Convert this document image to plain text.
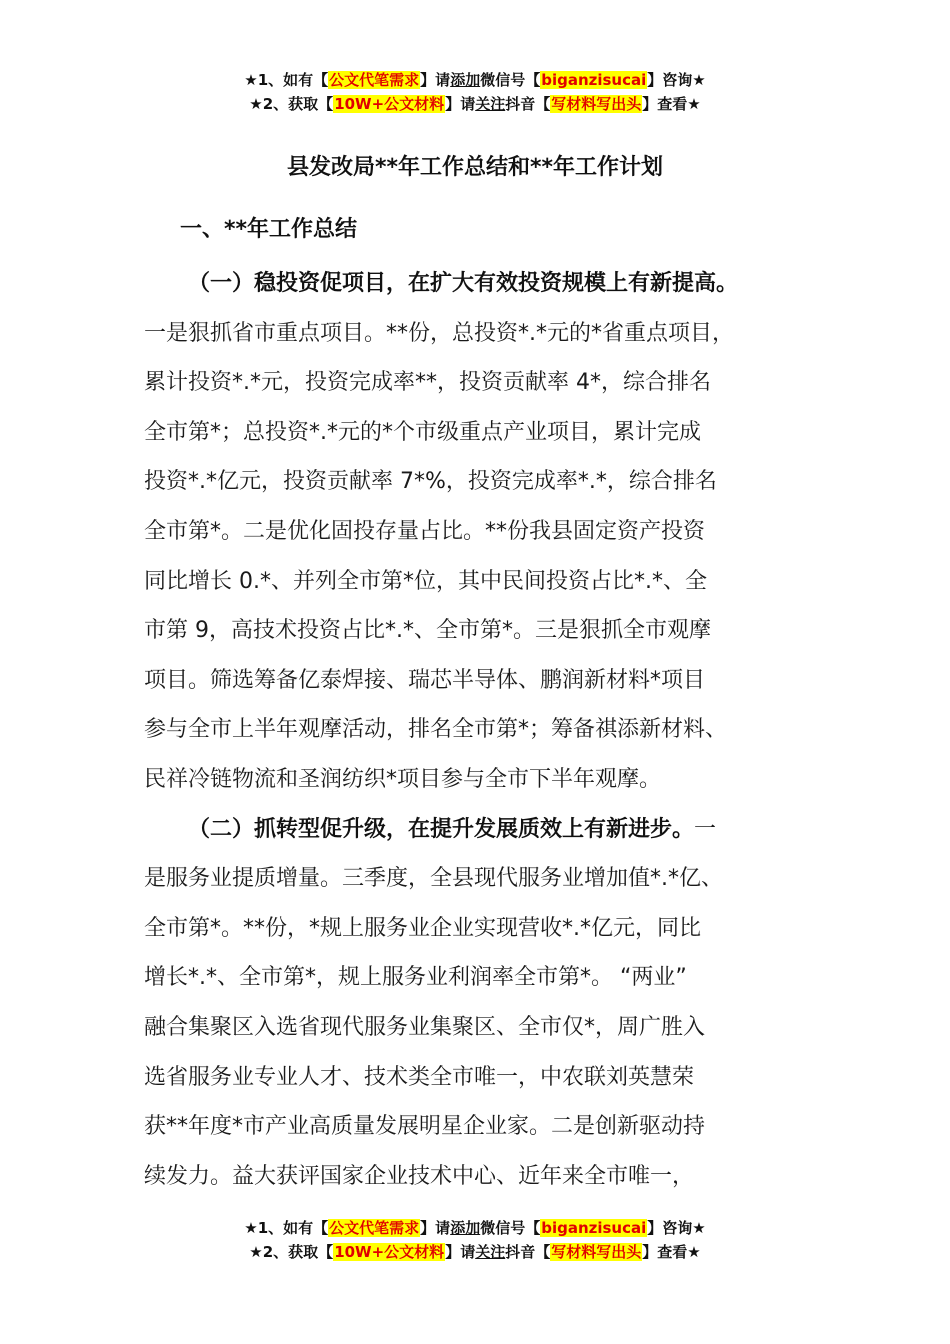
★1、如有【公文代笔需求】请添加微信号【biganzisucai】咨询★
★2、获取【10W+公文材料】请关注抖音【写材料写出头】查看★
县发改局**年工作总结和**年工作计划
一、**年工作总结
（一）稳投资促项目，在扩大有效投资规模上有新提高。
一是狠抓省市重点项目。**份，总投资*.*元的*省重点项目，
累计投资*.*元，投资完成率**，投资贡献率 4*，综合排名
全市第*；总投资*.*元的*个市级重点产业项目，累计完成
投资*.*亿元，投资贡献率 7*%，投资完成率*.*，综合排名
全市第*。二是优化固投存量占比。**份我县固定资产投资
同比增长 0.*、并列全市第*位，其中民间投资占比*.*、全
市第 9，高技术投资占比*.*、全市第*。三是狠抓全市观摩
项目。筛选筹备亿泰焊接、瑞芯半导体、鹏润新材料*项目
参与全市上半年观摩活动，排名全市第*；筹备祺添新材料、
民祥冷链物流和圣润纺织*项目参与全市下半年观摩。
（二）抓转型促升级，在提升发展质效上有新进步。一
是服务业提质增量。三季度，全县现代服务业增加值*.*亿、
全市第*。**份，*规上服务业企业实现营收*.*亿元，同比
增长*.*、全市第*，规上服务业利润率全市第*。 “两业”
融合集聚区入选省现代服务业集聚区、全市仅*，周广胜入
选省服务业专业人才、技术类全市唯一，中农联刘英慧荣
获**年度*市产业高质量发展明星企业家。二是创新驱动持
续发力。益大获评国家企业技术中心、近年来全市唯一，
★1、如有【公文代笔需求】请添加微信号【biganzisucai】咨询★
★2、获取【10W+公文材料】请关注抖音【写材料写出头】查看★
